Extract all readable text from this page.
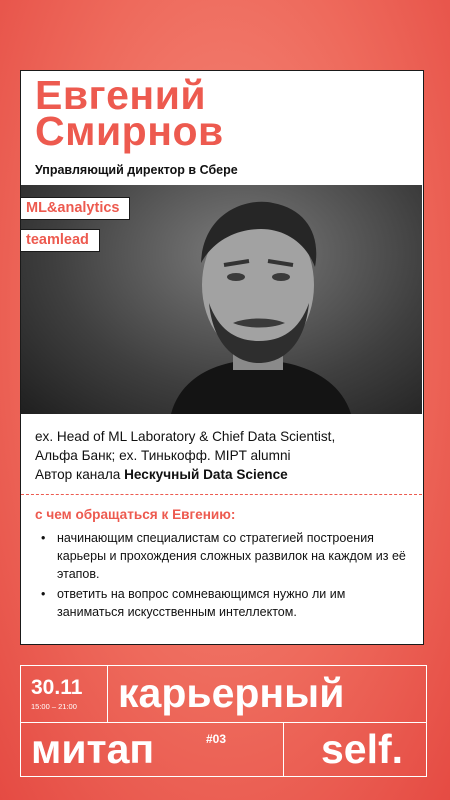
Евгений
Смирнов
Управляющий директор в Сбере
ML&analytics
teamlead
ex. Head of ML Laboratory & Chief Data Scientist,
Альфа Банк; ex. Тинькофф. MIPT alumni
Автор канала Нескучный Data Science
с чем обращаться к Евгению:
• начинающим специалистам со стратегией построения карьеры и прохождения сложных развилок на каждом из её этапов.
• ответить на вопрос сомневающимся нужно ли им заниматься искусственным интеллектом.
30.11
15:00 – 21:00 карьерный
митап	#03 self.
